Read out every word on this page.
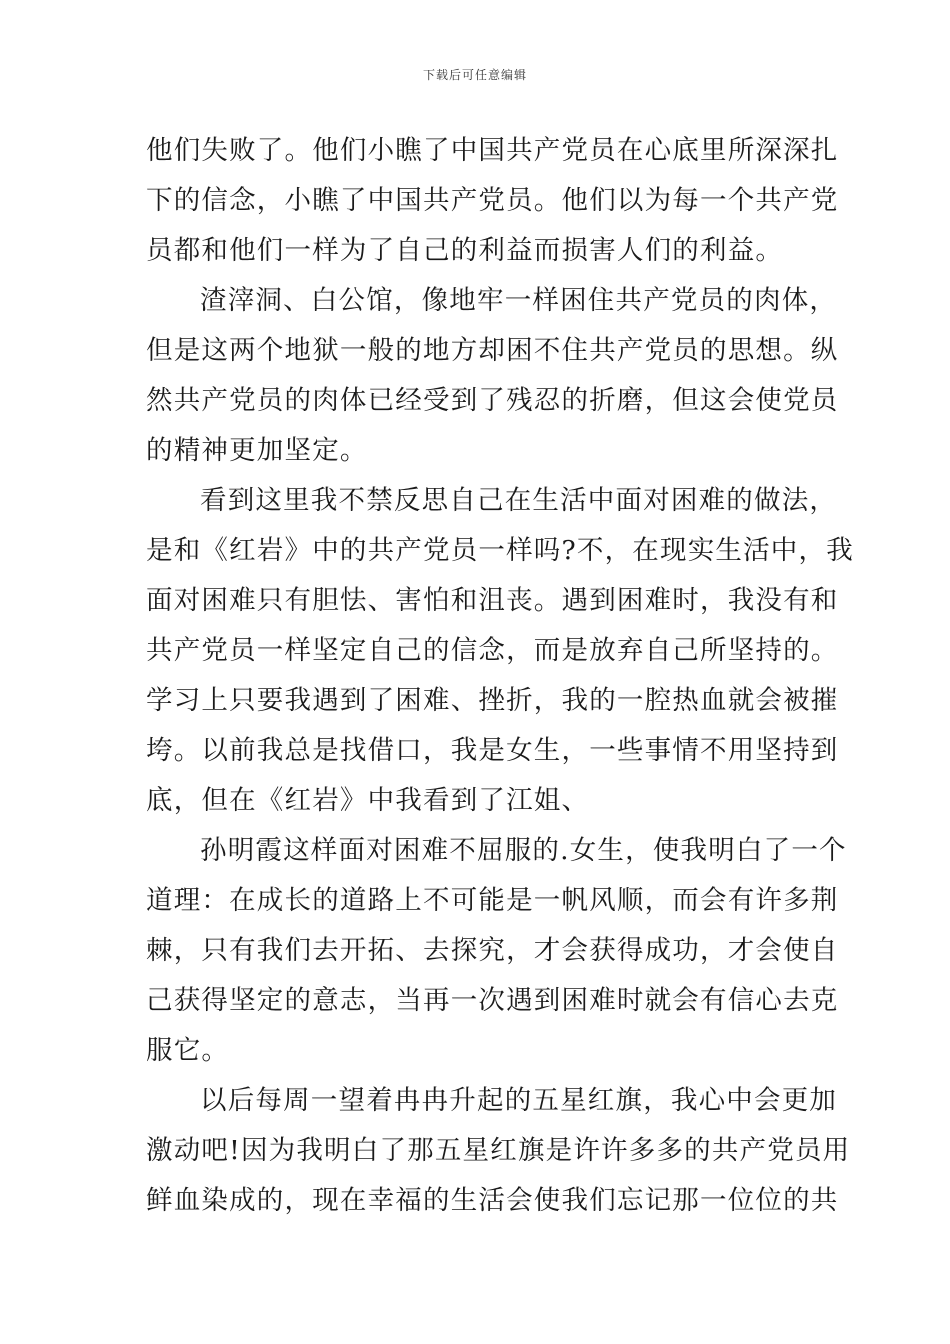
下载后可任意编辑
他们失败了。他们小瞧了中国共产党员在心底里所深深扎
下的信念，小瞧了中国共产党员。他们以为每一个共产党
员都和他们一样为了自己的利益而损害人们的利益。
渣滓洞、白公馆，像地牢一样困住共产党员的肉体，
但是这两个地狱一般的地方却困不住共产党员的思想。纵
然共产党员的肉体已经受到了残忍的折磨，但这会使党员
的精神更加坚定。
看到这里我不禁反思自己在生活中面对困难的做法，
是和《红岩》中的共产党员一样吗?不，在现实生活中，我
面对困难只有胆怯、害怕和沮丧。遇到困难时，我没有和
共产党员一样坚定自己的信念，而是放弃自己所坚持的。
学习上只要我遇到了困难、挫折，我的一腔热血就会被摧
垮。以前我总是找借口，我是女生，一些事情不用坚持到
底，但在《红岩》中我看到了江姐、
孙明霞这样面对困难不屈服的.女生，使我明白了一个
道理：在成长的道路上不可能是一帆风顺，而会有许多荆
棘，只有我们去开拓、去探究，才会获得成功，才会使自
己获得坚定的意志，当再一次遇到困难时就会有信心去克
服它。
以后每周一望着冉冉升起的五星红旗，我心中会更加
激动吧!因为我明白了那五星红旗是许许多多的共产党员用
鲜血染成的，现在幸福的生活会使我们忘记那一位位的共
